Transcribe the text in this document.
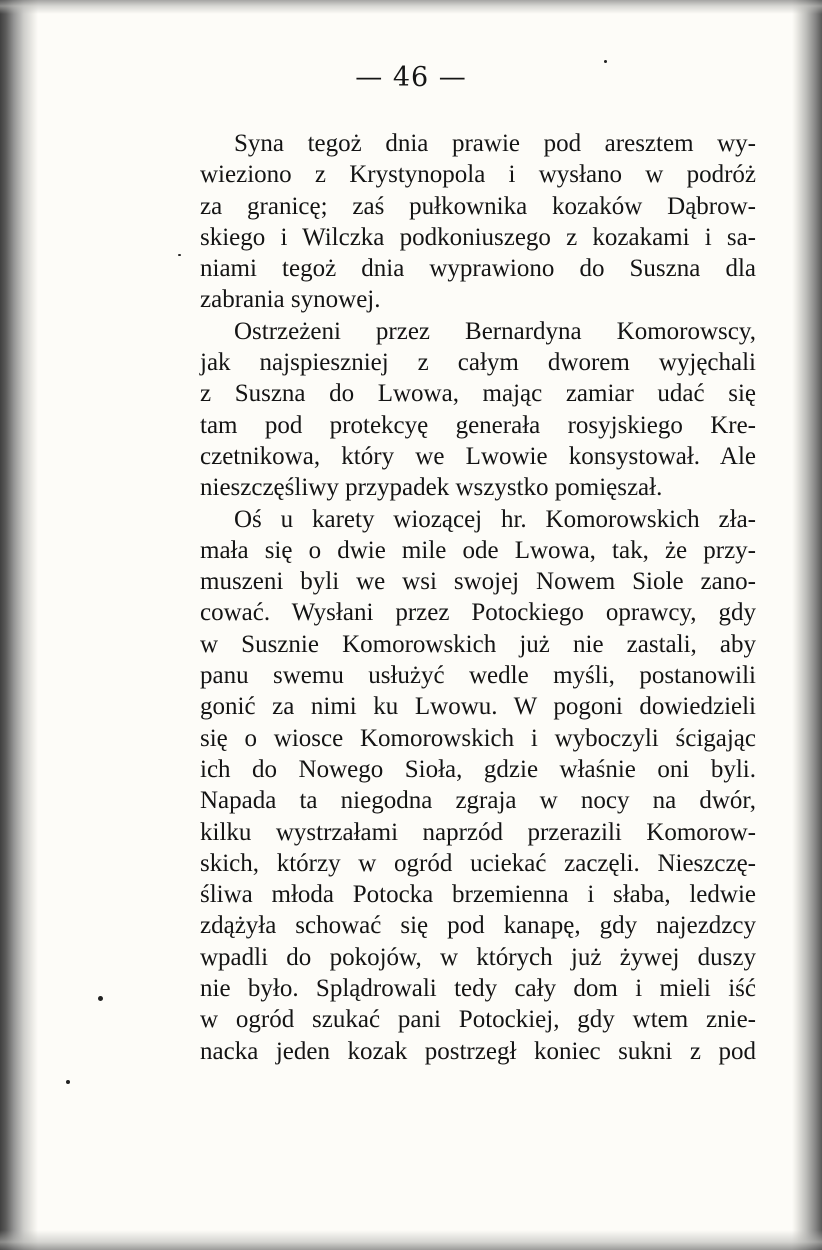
— 46 —
Syna tegoż dnia prawie pod aresztem wy-
wieziono z Krystynopola i wysłano w podróż
za granicę; zaś pułkownika kozaków Dąbrow-
skiego i Wilczka podkoniuszego z kozakami i sa-
niami tegoż dnia wyprawiono do Suszna dla
zabrania synowej.
Ostrzeżeni przez Bernardyna Komorowscy,
jak najspieszniej z całym dworem wyjęchali
z Suszna do Lwowa, mając zamiar udać się
tam pod protekcyę generała rosyjskiego Kre-
czetnikowa, który we Lwowie konsystował. Ale
nieszczęśliwy przypadek wszystko pomięszał.
Oś u karety wiozącej hr. Komorowskich zła-
mała się o dwie mile ode Lwowa, tak, że przy-
muszeni byli we wsi swojej Nowem Siole zano-
cować. Wysłani przez Potockiego oprawcy, gdy
w Susznie Komorowskich już nie zastali, aby
panu swemu usłużyć wedle myśli, postanowili
gonić za nimi ku Lwowu. W pogoni dowiedzieli
się o wiosce Komorowskich i wyboczyli ścigając
ich do Nowego Sioła, gdzie właśnie oni byli.
Napada ta niegodna zgraja w nocy na dwór,
kilku wystrzałami naprzód przerazili Komorow-
skich, którzy w ogród uciekać zaczęli. Nieszczę-
śliwa młoda Potocka brzemienna i słaba, ledwie
zdążyła schować się pod kanapę, gdy najezdzcy
wpadli do pokojów, w których już żywej duszy
nie było. Splądrowali tedy cały dom i mieli iść
w ogród szukać pani Potockiej, gdy wtem znie-
nacka jeden kozak postrzegł koniec sukni z pod
